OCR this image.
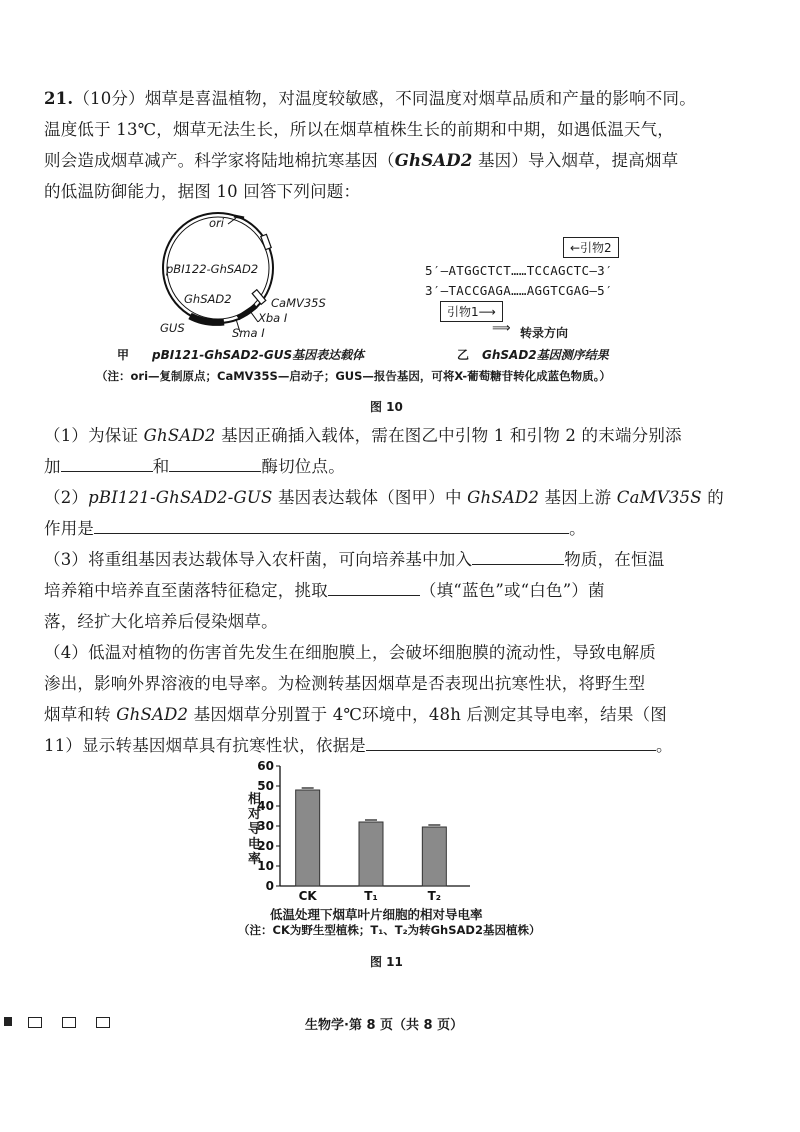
21.（10分）烟草是喜温植物，对温度较敏感，不同温度对烟草品质和产量的影响不同。

温度低于 13℃，烟草无法生长，所以在烟草植株生长的前期和中期，如遇低温天气，

则会造成烟草减产。科学家将陆地棉抗寒基因（GhSAD2 基因）导入烟草，提高烟草

的低温防御能力，据图 10 回答下列问题：

ori
pBI122-GhSAD2
GhSAD2	CaMV35S
Xba I
Sma I
GUS
甲 pBI121-GhSAD2-GUS基因表达载体
←引物2
5′—ATGGCTCT……TCCAGCTC—3′
3′—TACCGAGA……AGGTCGAG—5′
引物1⟶
⟹ 转录方向
乙 GhSAD2基因测序结果
（注：ori—复制原点；CaMV35S—启动子；GUS—报告基因，可将X-葡萄糖苷转化成蓝色物质。）
图 10

（1）为保证 GhSAD2 基因正确插入载体，需在图乙中引物 1 和引物 2 的末端分别添

加	和	酶切位点。

（2）pBI121-GhSAD2-GUS 基因表达载体（图甲）中 GhSAD2 基因上游 CaMV35S 的

作用是	。

（3）将重组基因表达载体导入农杆菌，可向培养基中加入	物质，在恒温

培养箱中培养直至菌落特征稳定，挑取	（填“蓝色”或“白色”）菌

落，经扩大化培养后侵染烟草。

（4）低温对植物的伤害首先发生在细胞膜上，会破坏细胞膜的流动性，导致电解质

渗出，影响外界溶液的电导率。为检测转基因烟草是否表现出抗寒性状，将野生型

烟草和转 GhSAD2 基因烟草分别置于 4℃环境中，48h 后测定其导电率，结果（图

11）显示转基因烟草具有抗寒性状，依据是	。

0
10
20
30
40
50
60
CK	T₁	T₂
相对导电率
低温处理下烟草叶片细胞的相对导电率
（注：CK为野生型植株；T₁、T₂为转GhSAD2基因植株）
图 11
生物学·第 8 页（共 8 页）
